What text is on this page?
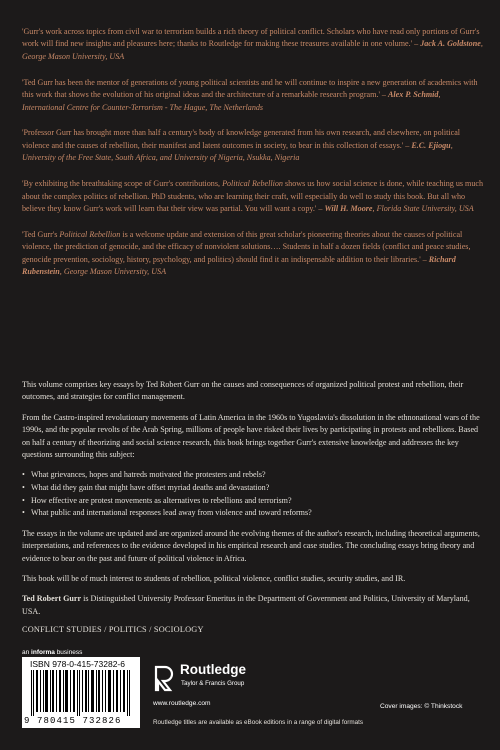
'Gurr's work across topics from civil war to terrorism builds a rich theory of political conflict. Scholars who have read only portions of Gurr's work will find new insights and pleasures here; thanks to Routledge for making these treasures available in one volume.' – Jack A. Goldstone, George Mason University, USA

'Ted Gurr has been the mentor of generations of young political scientists and he will continue to inspire a new generation of academics with this work that shows the evolution of his original ideas and the architecture of a remarkable research program.' – Alex P. Schmid, International Centre for Counter-Terrorism - The Hague, The Netherlands

'Professor Gurr has brought more than half a century's body of knowledge generated from his own research, and elsewhere, on political violence and the causes of rebellion, their manifest and latent outcomes in society, to bear in this collection of essays.' – E.C. Ejiogu, University of the Free State, South Africa, and University of Nigeria, Nsukka, Nigeria

'By exhibiting the breathtaking scope of Gurr's contributions, Political Rebellion shows us how social science is done, while teaching us much about the complex politics of rebellion. PhD students, who are learning their craft, will especially do well to study this book. But all who believe they know Gurr's work will learn that their view was partial. You will want a copy.' – Will H. Moore, Florida State University, USA

'Ted Gurr's Political Rebellion is a welcome update and extension of this great scholar's pioneering theories about the causes of political violence, the prediction of genocide, and the efficacy of nonviolent solutions…. Students in half a dozen fields (conflict and peace studies, genocide prevention, sociology, history, psychology, and politics) should find it an indispensable addition to their libraries.' – Richard Rubenstein, George Mason University, USA

This volume comprises key essays by Ted Robert Gurr on the causes and consequences of organized political protest and rebellion, their outcomes, and strategies for conflict management.

From the Castro-inspired revolutionary movements of Latin America in the 1960s to Yugoslavia's dissolution in the ethnonational wars of the 1990s, and the popular revolts of the Arab Spring, millions of people have risked their lives by participating in protests and rebellions. Based on half a century of theorizing and social science research, this book brings together Gurr's extensive knowledge and addresses the key questions surrounding this subject:

• What grievances, hopes and hatreds motivated the protesters and rebels?
• What did they gain that might have offset myriad deaths and devastation?
• How effective are protest movements as alternatives to rebellions and terrorism?
• What public and international responses lead away from violence and toward reforms?

The essays in the volume are updated and are organized around the evolving themes of the author's research, including theoretical arguments, interpretations, and references to the evidence developed in his empirical research and case studies. The concluding essays bring theory and evidence to bear on the past and future of political violence in Africa.

This book will be of much interest to students of rebellion, political violence, conflict studies, security studies, and IR.

Ted Robert Gurr is Distinguished University Professor Emeritus in the Department of Government and Politics, University of Maryland, USA.

CONFLICT STUDIES / POLITICS / SOCIOLOGY
an informa business
ISBN 978-0-415-73282-6
9 780415 732826
Routledge
Taylor & Francis Group
www.routledge.com	Cover images: © Thinkstock
Routledge titles are available as eBook editions in a range of digital formats
